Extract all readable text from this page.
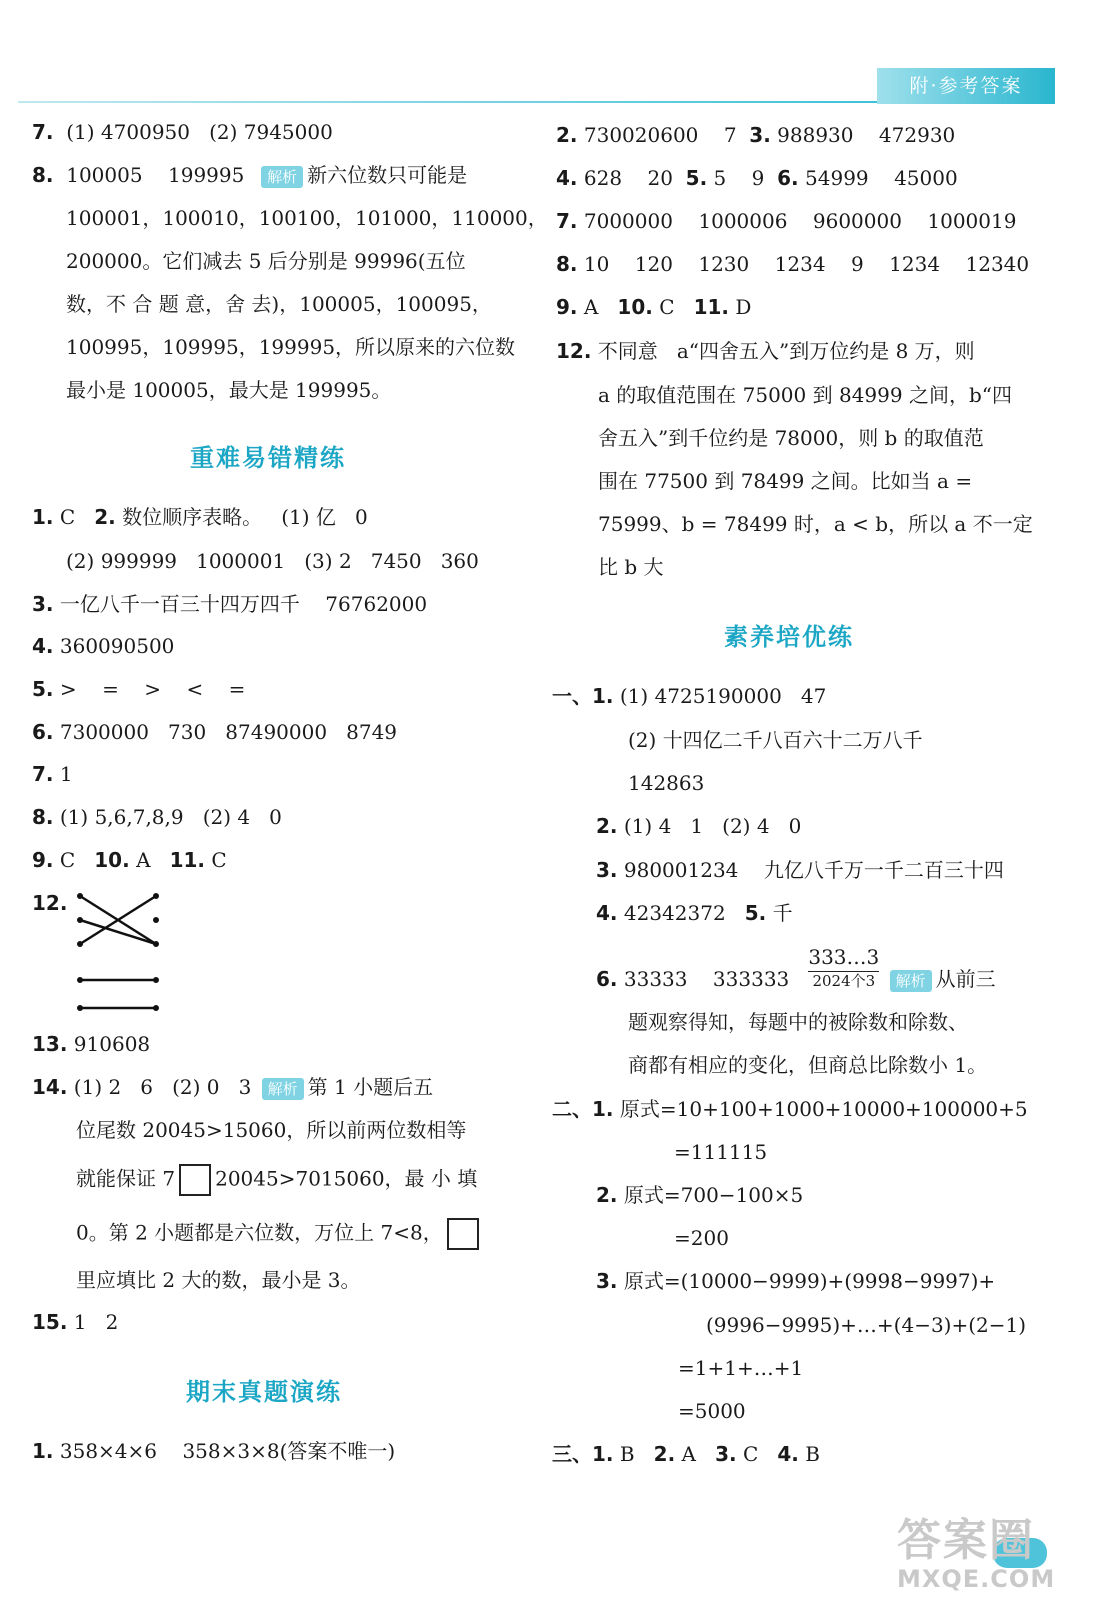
附·参考答案
7. (1) 4700950   (2) 7945000
8. 100005    199995 解析 新六位数只可能是
100001，100010，100100，101000，110000，
200000。它们减去 5 后分别是 99996(五位
数，不 合 题 意，舍 去)，100005，100095，
100995，109995，199995，所以原来的六位数
最小是 100005，最大是 199995。
重难易错精练
1. C 2. 数位顺序表略。   (1) 亿   0
(2) 999999   1000001   (3) 2   7450   360
3. 一亿八千一百三十四万四千    76762000
4. 360090500
5. >    =    >    <    =
6. 7300000   730   87490000   8749
7. 1
8. (1) 5,6,7,8,9   (2) 4   0
9. C 10. A 11. C
12.
13. 910608
14. (1) 2   6   (2) 0   3 解析 第 1 小题后五
位尾数 20045>15060，所以前两位数相等
就能保证 7 20045>7015060，最 小 填
0。第 2 小题都是六位数，万位上 7<8，
里应填比 2 大的数，最小是 3。
15. 1   2
期末真题演练
1. 358×4×6    358×3×8(答案不唯一)
2. 730020600    7 3. 988930    472930
4. 628    20 5. 5    9 6. 54999    45000
7. 7000000    1000006    9600000    1000019
8. 10    120    1230    1234    9    1234    12340
9. A 10. C 11. D
12. 不同意   a“四舍五入”到万位约是 8 万，则
a 的取值范围在 75000 到 84999 之间，b“四
舍五入”到千位约是 78000，则 b 的取值范
围在 77500 到 78499 之间。比如当 a =
75999、b = 78499 时，a < b，所以 a 不一定
比 b 大
素养培优练
一、1. (1) 4725190000   47
(2) 十四亿二千八百六十二万八千
142863
2. (1) 4   1   (2) 4   0
3. 980001234    九亿八千万一千二百三十四
4. 42342372 5. 千
6. 33333    333333
333…3
2024个3 解析 从前三
题观察得知，每题中的被除数和除数、
商都有相应的变化，但商总比除数小 1。
二、1. 原式=10+100+1000+10000+100000+5
=111115
2. 原式=700−100×5
=200
3. 原式=(10000−9999)+(9998−9997)+
(9996−9995)+…+(4−3)+(2−1)
=1+1+…+1
=5000
三、1. B 2. A 3. C 4. B
答案圈
MXQE.COM
